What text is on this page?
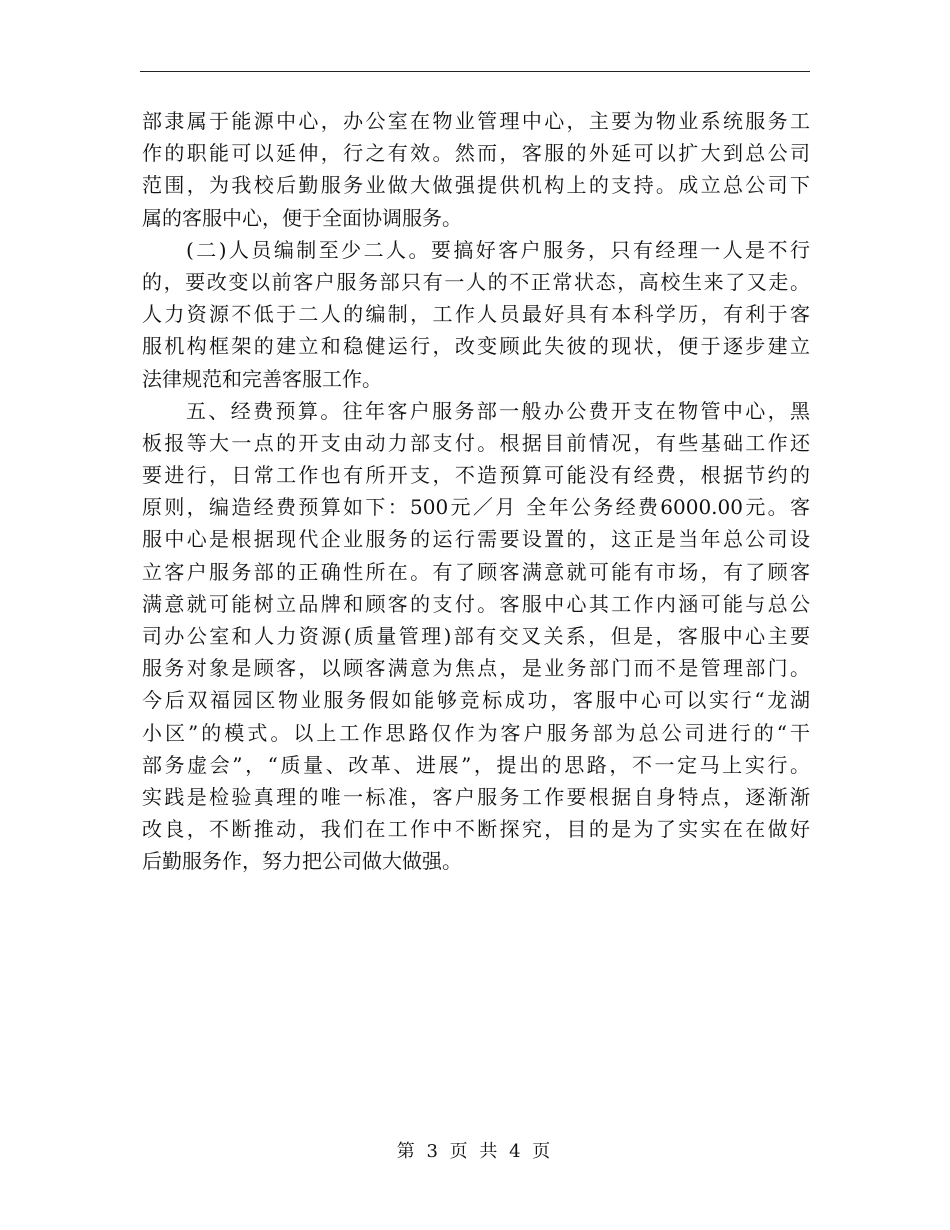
部隶属于能源中心，办公室在物业管理中心，主要为物业系统服务工
作的职能可以延伸，行之有效。然而，客服的外延可以扩大到总公司
范围，为我校后勤服务业做大做强提供机构上的支持。成立总公司下
属的客服中心，便于全面协调服务。
(二)人员编制至少二人。要搞好客户服务，只有经理一人是不行
的，要改变以前客户服务部只有一人的不正常状态，高校生来了又走。
人力资源不低于二人的编制，工作人员最好具有本科学历，有利于客
服机构框架的建立和稳健运行，改变顾此失彼的现状，便于逐步建立
法律规范和完善客服工作。
五、经费预算。往年客户服务部一般办公费开支在物管中心，黑
板报等大一点的开支由动力部支付。根据目前情况，有些基础工作还
要进行，日常工作也有所开支，不造预算可能没有经费，根据节约的
原则，编造经费预算如下：500元／月 全年公务经费6000.00元。客
服中心是根据现代企业服务的运行需要设置的，这正是当年总公司设
立客户服务部的正确性所在。有了顾客满意就可能有市场，有了顾客
满意就可能树立品牌和顾客的支付。客服中心其工作内涵可能与总公
司办公室和人力资源(质量管理)部有交叉关系，但是，客服中心主要
服务对象是顾客，以顾客满意为焦点，是业务部门而不是管理部门。
今后双福园区物业服务假如能够竞标成功，客服中心可以实行“龙湖
小区”的模式。以上工作思路仅作为客户服务部为总公司进行的“干
部务虚会”，“质量、改革、进展”，提出的思路，不一定马上实行。
实践是检验真理的唯一标准，客户服务工作要根据自身特点，逐渐渐
改良，不断推动，我们在工作中不断探究，目的是为了实实在在做好
后勤服务作，努力把公司做大做强。
第 3 页 共 4 页
